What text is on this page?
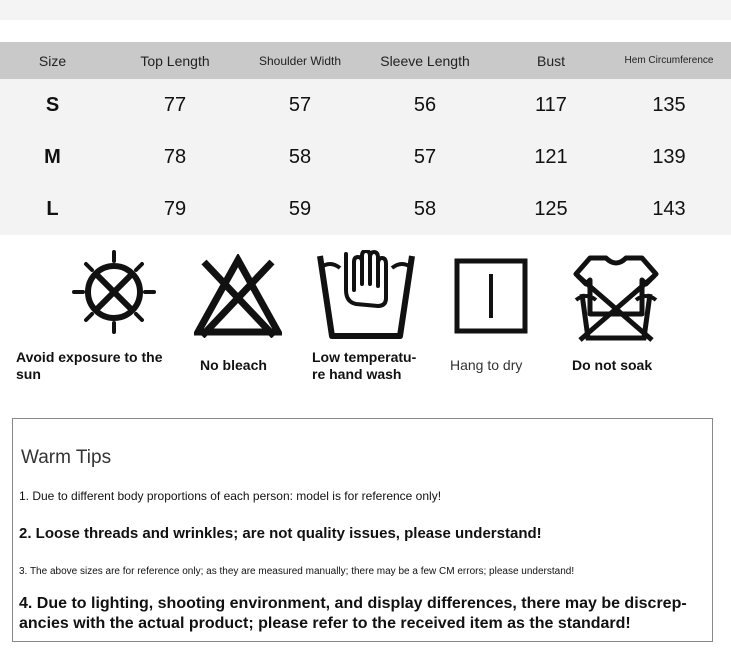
Size	Top Length	Shoulder Width	Sleeve Length	Bust	Hem Circumference
S	77	57	56	117	135
M	78	58	57	121	139
L	79	59	58	125	143
Avoid exposure to the
sun
No bleach	Low temperatu-
re hand wash
Hang to dry	Do not soak
Warm Tips
1. Due to different body proportions of each person: model is for reference only!
2. Loose threads and wrinkles; are not quality issues, please understand!
3. The above sizes are for reference only; as they are measured manually; there may be a few CM errors; please understand!
4. Due to lighting, shooting environment, and display differences, there may be discrep-
ancies with the actual product; please refer to the received item as the standard!
